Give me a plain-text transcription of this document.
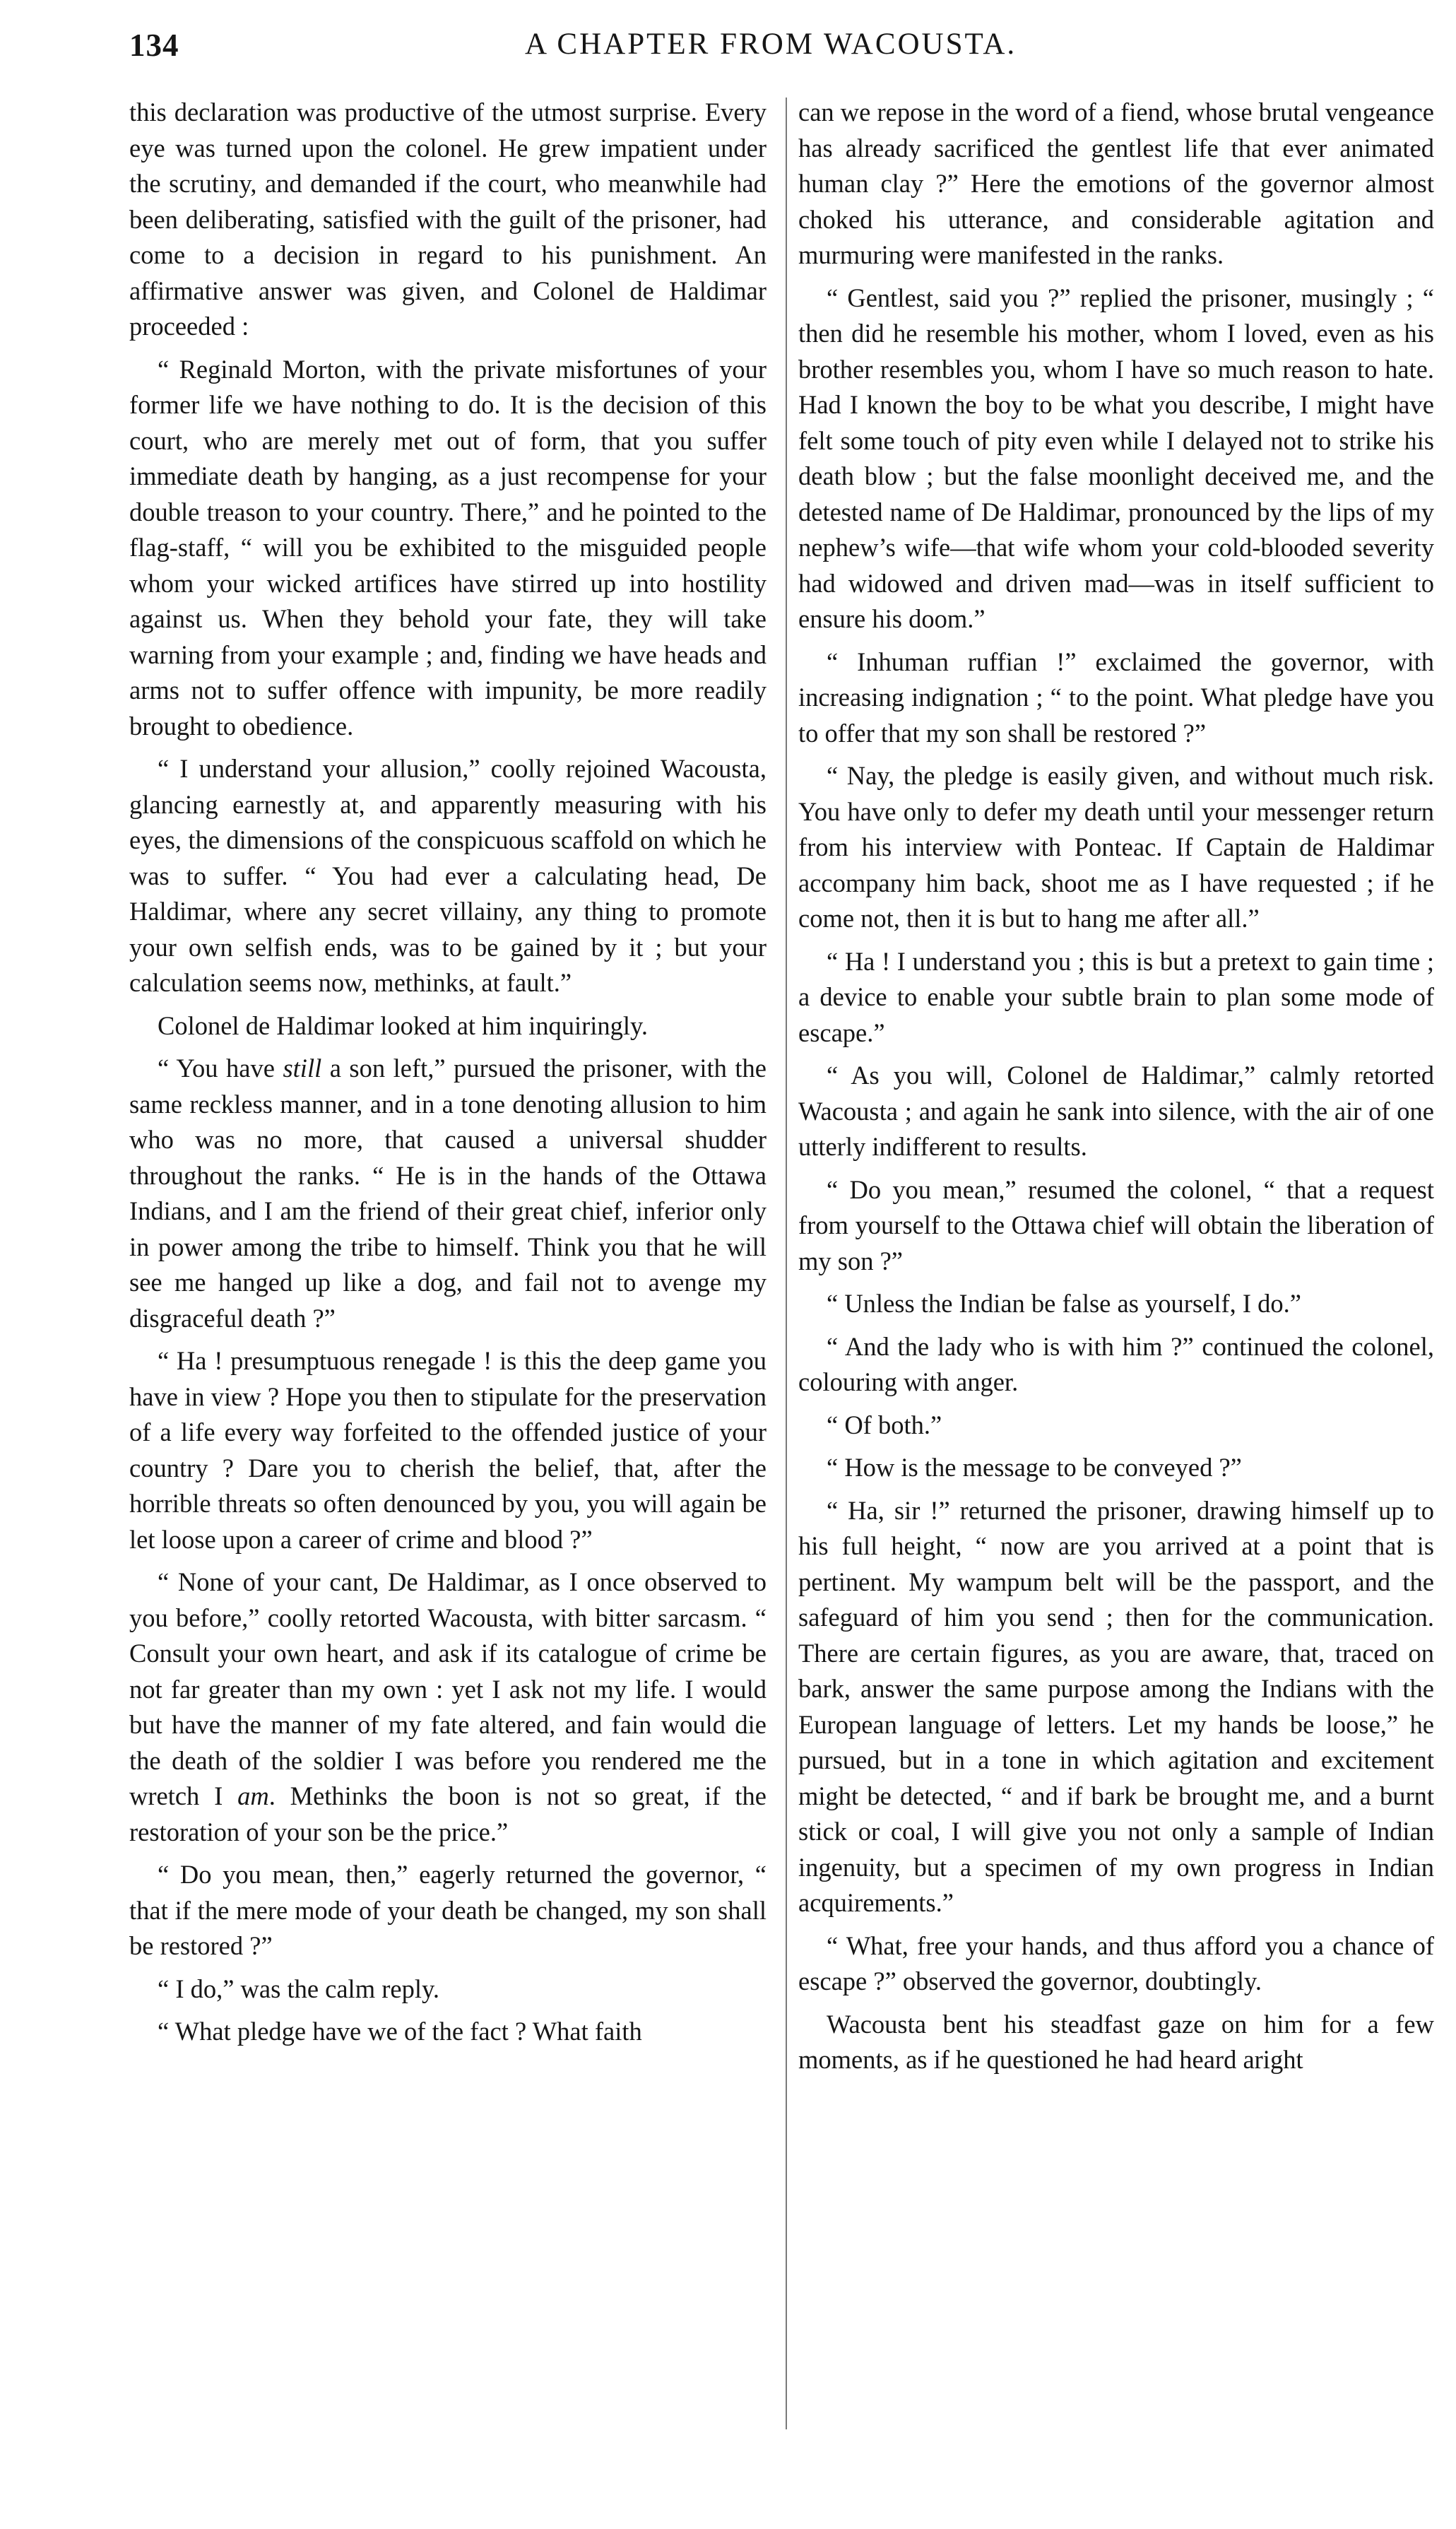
134	A CHAPTER FROM WACOUSTA.

this declaration was productive of the utmost surprise. Every eye was turned upon the colonel. He grew impatient under the scrutiny, and demanded if the court, who meanwhile had been deliberating, satisfied with the guilt of the prisoner, had come to a decision in regard to his punishment. An affirmative answer was given, and Colonel de Haldimar proceeded :

“ Reginald Morton, with the private misfortunes of your former life we have nothing to do. It is the decision of this court, who are merely met out of form, that you suffer immediate death by hanging, as a just recompense for your double treason to your country. There,” and he pointed to the flag-staff, “ will you be exhibited to the misguided people whom your wicked artifices have stirred up into hostility against us. When they behold your fate, they will take warning from your example ; and, finding we have heads and arms not to suffer offence with impunity, be more readily brought to obedience.

“ I understand your allusion,” coolly rejoined Wacousta, glancing earnestly at, and apparently measuring with his eyes, the dimensions of the conspicuous scaffold on which he was to suffer. “ You had ever a calculating head, De Haldimar, where any secret villainy, any thing to promote your own selfish ends, was to be gained by it ; but your calculation seems now, methinks, at fault.”

Colonel de Haldimar looked at him inquiringly.

“ You have still a son left,” pursued the prisoner, with the same reckless manner, and in a tone denoting allusion to him who was no more, that caused a universal shudder throughout the ranks. “ He is in the hands of the Ottawa Indians, and I am the friend of their great chief, inferior only in power among the tribe to himself. Think you that he will see me hanged up like a dog, and fail not to avenge my disgraceful death ?”

“ Ha ! presumptuous renegade ! is this the deep game you have in view ? Hope you then to stipulate for the preservation of a life every way forfeited to the offended justice of your country ? Dare you to cherish the belief, that, after the horrible threats so often denounced by you, you will again be let loose upon a career of crime and blood ?”

“ None of your cant, De Haldimar, as I once observed to you before,” coolly retorted Wacousta, with bitter sarcasm. “ Consult your own heart, and ask if its catalogue of crime be not far greater than my own : yet I ask not my life. I would but have the manner of my fate altered, and fain would die the death of the soldier I was before you rendered me the wretch I am. Methinks the boon is not so great, if the restoration of your son be the price.”

“ Do you mean, then,” eagerly returned the governor, “ that if the mere mode of your death be changed, my son shall be restored ?”

“ I do,” was the calm reply.

“ What pledge have we of the fact ? What faith

can we repose in the word of a fiend, whose brutal vengeance has already sacrificed the gentlest life that ever animated human clay ?” Here the emotions of the governor almost choked his utterance, and considerable agitation and murmuring were manifested in the ranks.

“ Gentlest, said you ?” replied the prisoner, musingly ; “ then did he resemble his mother, whom I loved, even as his brother resembles you, whom I have so much reason to hate. Had I known the boy to be what you describe, I might have felt some touch of pity even while I delayed not to strike his death blow ; but the false moonlight deceived me, and the detested name of De Haldimar, pronounced by the lips of my nephew’s wife—that wife whom your cold-blooded severity had widowed and driven mad—was in itself sufficient to ensure his doom.”

“ Inhuman ruffian !” exclaimed the governor, with increasing indignation ; “ to the point. What pledge have you to offer that my son shall be restored ?”

“ Nay, the pledge is easily given, and without much risk. You have only to defer my death until your messenger return from his interview with Ponteac. If Captain de Haldimar accompany him back, shoot me as I have requested ; if he come not, then it is but to hang me after all.”

“ Ha ! I understand you ; this is but a pretext to gain time ; a device to enable your subtle brain to plan some mode of escape.”

“ As you will, Colonel de Haldimar,” calmly retorted Wacousta ; and again he sank into silence, with the air of one utterly indifferent to results.

“ Do you mean,” resumed the colonel, “ that a request from yourself to the Ottawa chief will obtain the liberation of my son ?”

“ Unless the Indian be false as yourself, I do.”

“ And the lady who is with him ?” continued the colonel, colouring with anger.

“ Of both.”

“ How is the message to be conveyed ?”

“ Ha, sir !” returned the prisoner, drawing himself up to his full height, “ now are you arrived at a point that is pertinent. My wampum belt will be the passport, and the safeguard of him you send ; then for the communication. There are certain figures, as you are aware, that, traced on bark, answer the same purpose among the Indians with the European language of letters. Let my hands be loose,” he pursued, but in a tone in which agitation and excitement might be detected, “ and if bark be brought me, and a burnt stick or coal, I will give you not only a sample of Indian ingenuity, but a specimen of my own progress in Indian acquirements.”

“ What, free your hands, and thus afford you a chance of escape ?” observed the governor, doubtingly.

Wacousta bent his steadfast gaze on him for a few moments, as if he questioned he had heard aright
